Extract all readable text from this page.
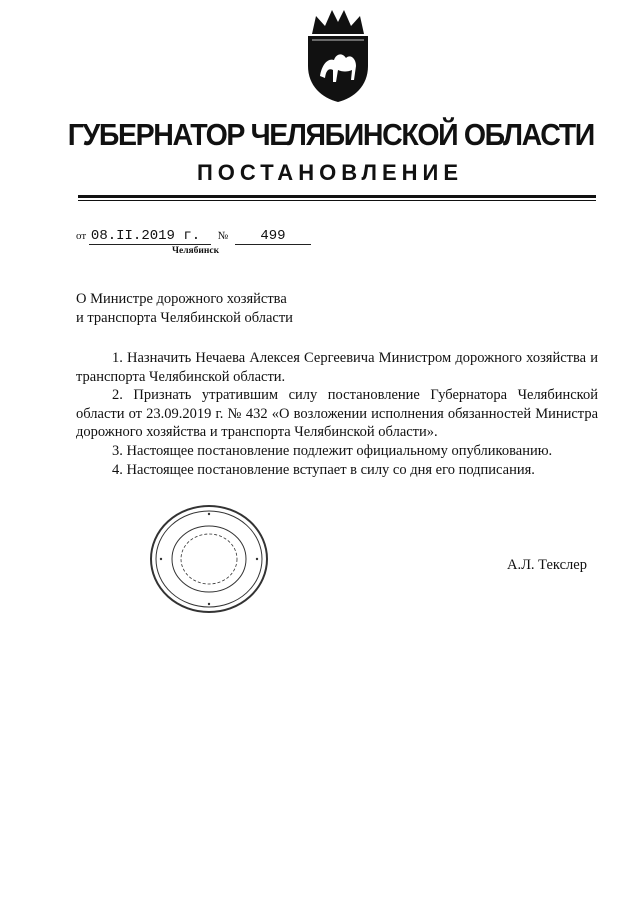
ГУБЕРНАТОР ЧЕЛЯБИНСКОЙ ОБЛАСТИ
ПОСТАНОВЛЕНИЕ
от 08.II.2019 г. № 499
Челябинск
О Министре дорожного хозяйства
и транспорта Челябинской области

1. Назначить Нечаева Алексея Сергеевича Министром дорожного хозяйства и транспорта Челябинской области.

2. Признать утратившим силу постановление Губернатора Челябинской области от 23.09.2019 г. № 432 «О возложении исполнения обязанностей Министра дорожного хозяйства и транспорта Челябинской области».

3. Настоящее постановление подлежит официальному опубликованию.

4. Настоящее постановление вступает в силу со дня его подписания.

А.Л. Текслер
